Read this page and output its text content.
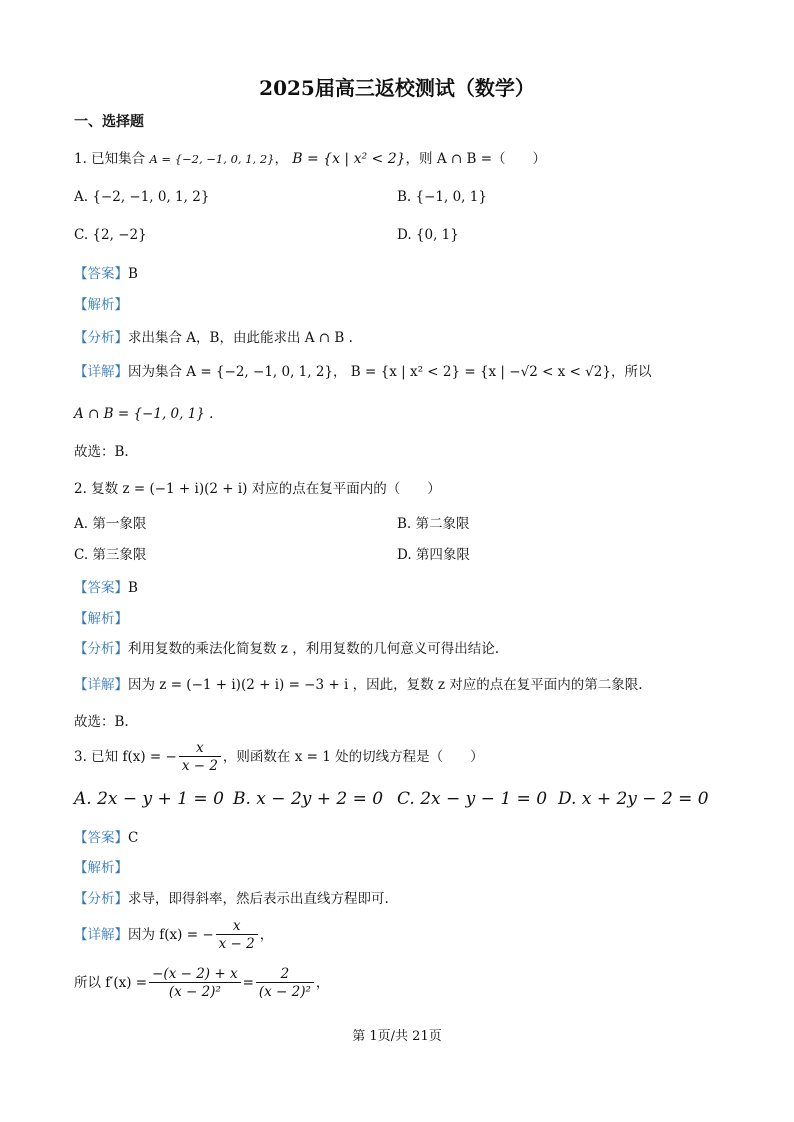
2025届高三返校测试（数学）
一、选择题
1. 已知集合 A = {−2, −1, 0, 1, 2}， B = {x | x² < 2}，则 A ∩ B =（　　）
A. {−2, −1, 0, 1, 2}	B. {−1, 0, 1}
C. {2, −2}	D. {0, 1}
【答案】B
【解析】
【分析】求出集合 A，B，由此能求出 A ∩ B .
【详解】因为集合 A = {−2, −1, 0, 1, 2}， B = {x | x² < 2} = {x | −√2 < x < √2}，所以
A ∩ B = {−1, 0, 1} .
故选：B.
2. 复数 z = (−1 + i)(2 + i) 对应的点在复平面内的（　　）
A. 第一象限	B. 第二象限
C. 第三象限	D. 第四象限
【答案】B
【解析】
【分析】利用复数的乘法化简复数 z ，利用复数的几何意义可得出结论.
【详解】因为 z = (−1 + i)(2 + i) = −3 + i ，因此，复数 z 对应的点在复平面内的第二象限.
故选：B.
3. 已知 f(x) = − $\frac{x}{x - 2}$ ，则函数在 x = 1 处的切线方程是（　　）
A. 2x − y + 1 = 0 B. x − 2y + 2 = 0 C. 2x − y − 1 = 0 D. x + 2y − 2 = 0
【答案】C
【解析】
【分析】求导，即得斜率，然后表示出直线方程即可.
【详解】因为 f(x) = − $\frac{x}{x - 2}$ ，
所以 $f'(x) = \frac{-(x - 2) + x}{\text{(x − 2)²}} = \frac{2}{\text{(x − 2)²}}$ ，
第 1页/共 21页
